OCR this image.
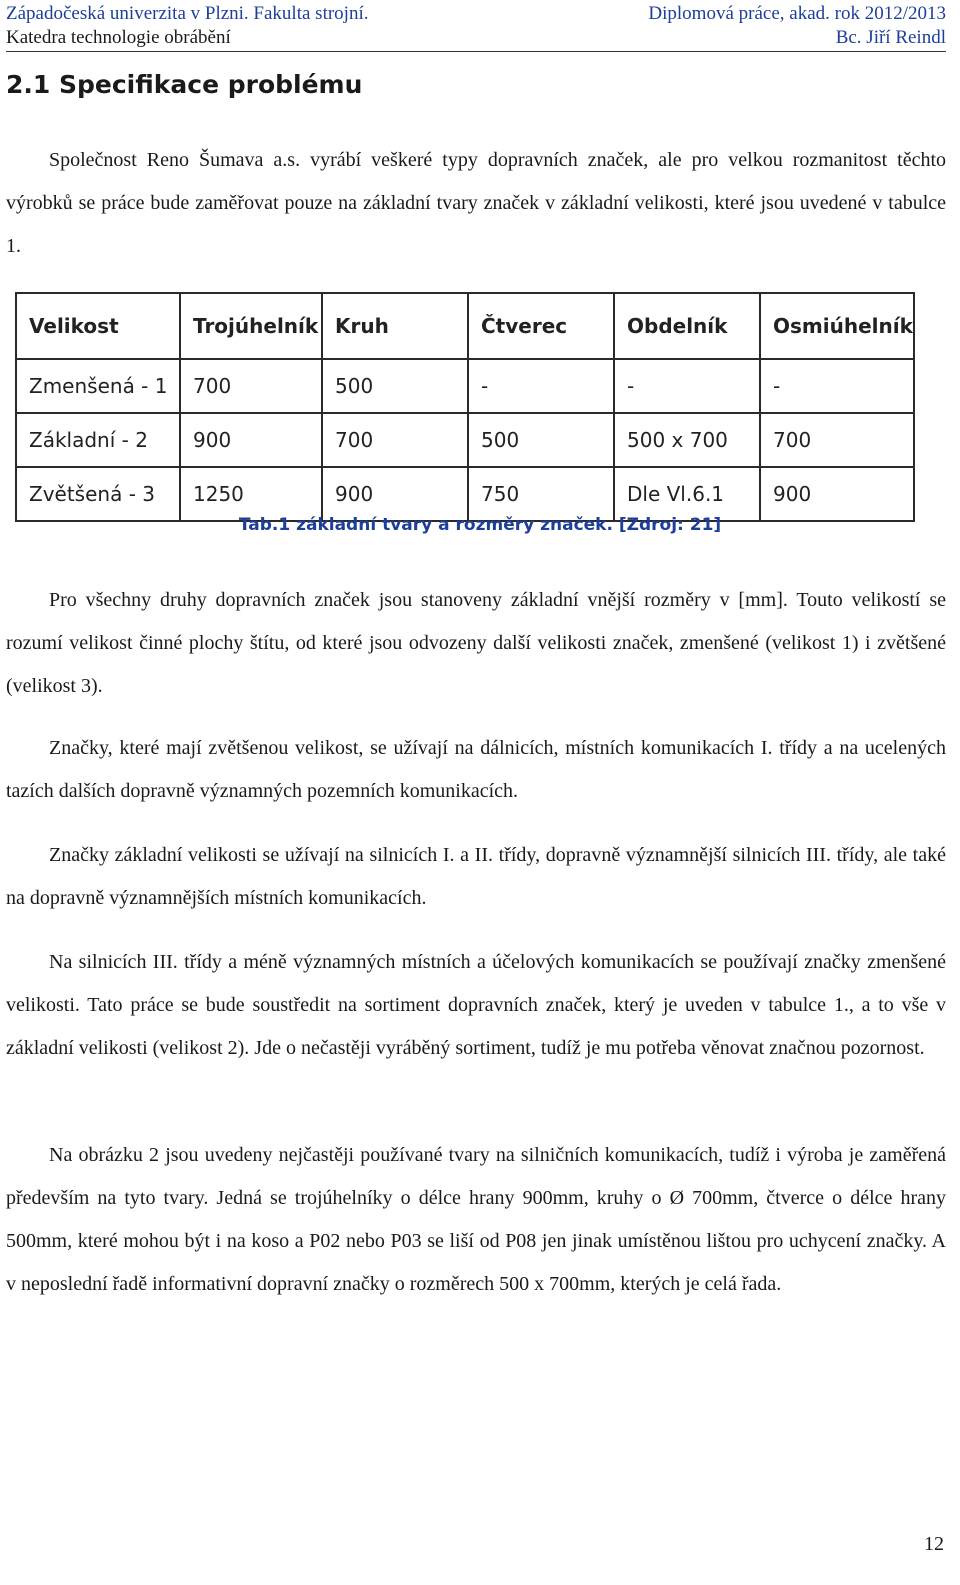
Západočeská univerzita v Plzni. Fakulta strojní.	Diplomová práce, akad. rok 2012/2013
Katedra technologie obrábění	Bc. Jiří Reindl
2.1 Specifikace problému

Společnost Reno Šumava a.s. vyrábí veškeré typy dopravních značek, ale pro velkou rozmanitost těchto výrobků se práce bude zaměřovat pouze na základní tvary značek v základní velikosti, které jsou uvedené v tabulce 1.

Velikost	Trojúhelník	Kruh	Čtverec	Obdelník	Osmiúhelník
Zmenšená - 1	700	500	-	-	-
Základní - 2	900	700	500	500 x 700	700
Zvětšená - 3	1250	900	750	Dle Vl.6.1	900

Tab.1 základní tvary a rozměry značek. [Zdroj: 21]

Pro všechny druhy dopravních značek jsou stanoveny základní vnější rozměry v [mm]. Touto velikostí se rozumí velikost činné plochy štítu, od které jsou odvozeny další velikosti značek, zmenšené (velikost 1) i zvětšené (velikost 3).

Značky, které mají zvětšenou velikost, se užívají na dálnicích, místních komunikacích I. třídy a na ucelených tazích dalších dopravně významných pozemních komunikacích.

Značky základní velikosti se užívají na silnicích I. a II. třídy, dopravně významnější silnicích III. třídy, ale také na dopravně významnějších místních komunikacích.

Na silnicích III. třídy a méně významných místních a účelových komunikacích se používají značky zmenšené velikosti. Tato práce se bude soustředit na sortiment dopravních značek, který je uveden v tabulce 1., a to vše v základní velikosti (velikost 2). Jde o nečastěji vyráběný sortiment, tudíž je mu potřeba věnovat značnou pozornost.

Na obrázku 2 jsou uvedeny nejčastěji používané tvary na silničních komunikacích, tudíž i výroba je zaměřená především na tyto tvary. Jedná se trojúhelníky o délce hrany 900mm, kruhy o Ø 700mm, čtverce o délce hrany 500mm, které mohou být i na koso a P02 nebo P03 se liší od P08 jen jinak umístěnou lištou pro uchycení značky. A v neposlední řadě informativní dopravní značky o rozměrech 500 x 700mm, kterých je celá řada.

12
